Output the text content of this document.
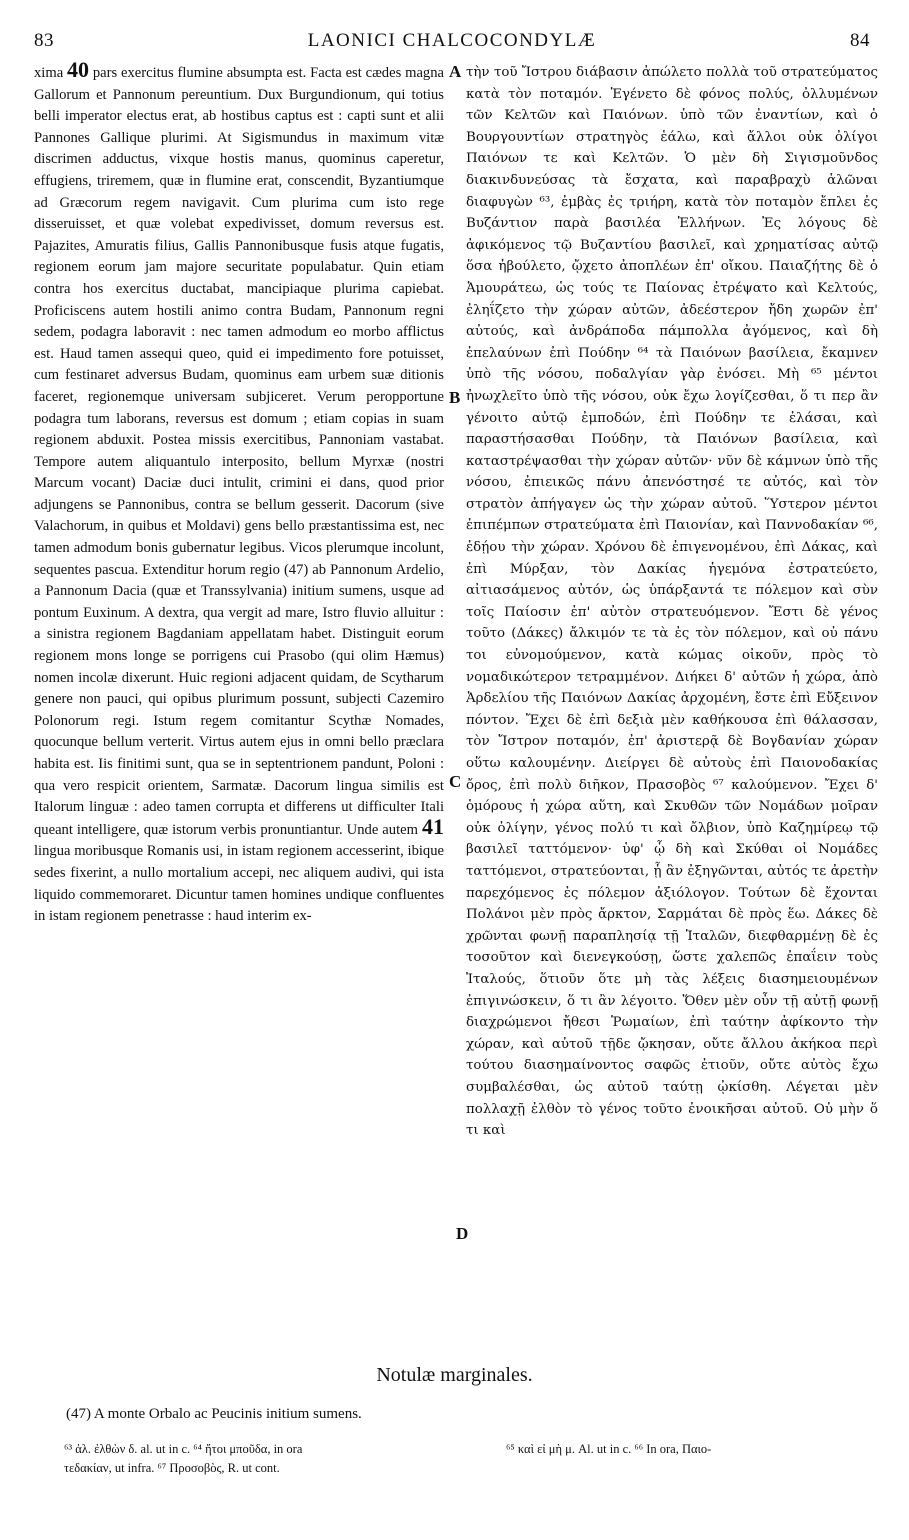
83	LAONICI CHALCOCONDYLÆ	84

xima 40 pars exercitus flumine absumpta est. Facta est cædes magna Gallorum et Pannonum pereuntium. Dux Burgundionum, qui totius belli imperator electus erat, ab hostibus captus est : capti sunt et alii Pannones Gallique plurimi. At Sigismundus in maximum vitæ discrimen adductus, vixque hostis manus, quominus caperetur, effugiens, triremem, quæ in flumine erat, conscendit, Byzantiumque ad Græcorum regem navigavit. Cum plurima cum isto rege disseruisset, et quæ volebat expedivisset, domum reversus est. Pajazites, Amuratis filius, Gallis Pannonibusque fusis atque fugatis, regionem eorum jam majore securitate populabatur. Quin etiam contra hos exercitus ductabat, mancipiaque plurima capiebat. Proficiscens autem hostili animo contra Budam, Pannonum regni sedem, podagra laboravit : nec tamen admodum eo morbo afflictus est. Haud tamen assequi queo, quid ei impedimento fore potuisset, cum festinaret adversus Budam, quominus eam urbem suæ ditionis faceret, regionemque universam subjiceret. Verum peropportune podagra tum laborans, reversus est domum ; etiam copias in suam regionem abduxit. Postea missis exercitibus, Pannoniam vastabat. Tempore autem aliquantulo interposito, bellum Myrxæ (nostri Marcum vocant) Daciæ duci intulit, crimini ei dans, quod prior adjungens se Pannonibus, contra se bellum gesserit. Dacorum (sive Valachorum, in quibus et Moldavi) gens bello præstantissima est, nec tamen admodum bonis gubernatur legibus. Vicos plerumque incolunt, sequentes pascua. Extenditur horum regio (47) ab Pannonum Ardelio, a Pannonum Dacia (quæ et Transsylvania) initium sumens, usque ad pontum Euxinum. A dextra, qua vergit ad mare, Istro fluvio alluitur : a sinistra regionem Bagdaniam appellatam habet. Distinguit eorum regionem mons longe se porrigens cui Prasobo (qui olim Hæmus) nomen incolæ dixerunt. Huic regioni adjacent quidam, de Scytharum genere non pauci, qui opibus plurimum possunt, subjecti Cazemiro Polonorum regi. Istum regem comitantur Scythæ Nomades, quocunque bellum verterit. Virtus autem ejus in omni bello præclara habita est. Iis finitimi sunt, qua se in septentrionem pandunt, Poloni : qua vero respicit orientem, Sarmatæ. Dacorum lingua similis est Italorum linguæ : adeo tamen corrupta et differens ut difficulter Itali queant intelligere, quæ istorum verbis pronuntiantur. Unde autem 41 lingua moribusque Romanis usi, in istam regionem accesserint, ibique sedes fixerint, a nullo mortalium accepi, nec aliquem audivi, qui ista liquido commemoraret. Dicuntur tamen homines undique confluentes in istam regionem penetrasse : haud interim ex-

A
B
C
D

τὴν τοῦ Ἴστρου διάβασιν ἀπώλετο πολλὰ τοῦ στρατεύματος κατὰ τὸν ποταμόν. Ἐγένετο δὲ φόνος πολύς, ὀλλυμένων τῶν Κελτῶν καὶ Παιόνων. ὑπὸ τῶν ἐναντίων, καὶ ὁ Βουργουντίων στρατηγὸς ἑάλω, καὶ ἄλλοι οὐκ ὀλίγοι Παιόνων τε καὶ Κελτῶν. Ὁ μὲν δὴ Σιγισμοῦνδος διακινδυνεύσας τὰ ἔσχατα, καὶ παραβραχὺ ἁλῶναι διαφυγὼν ⁶³, ἐμβὰς ἐς τριήρη, κατὰ τὸν ποταμὸν ἔπλει ἐς Βυζάντιον παρὰ βασιλέα Ἑλλήνων. Ἐς λόγους δὲ ἀφικόμενος τῷ Βυζαντίου βασιλεῖ, καὶ χρηματίσας αὐτῷ ὅσα ἠβούλετο, ᾤχετο ἀποπλέων ἐπ' οἴκου. Παιαζήτης δὲ ὁ Ἀμουράτεω, ὡς τούς τε Παίονας ἐτρέψατο καὶ Κελτούς, ἐληΐζετο τὴν χώραν αὐτῶν, ἀδεέστερον ἤδη χωρῶν ἐπ' αὐτούς, καὶ ἀνδράποδα πάμπολλα ἀγόμενος, καὶ δὴ ἐπελαύνων ἐπὶ Πούδην ⁶⁴ τὰ Παιόνων βασίλεια, ἔκαμνεν ὑπὸ τῆς νόσου, ποδαλγίαν γὰρ ἐνόσει. Μὴ ⁶⁵ μέντοι ἠνωχλεῖτο ὑπὸ τῆς νόσου, οὐκ ἔχω λογίζεσθαι, ὅ τι περ ἂν γένοιτο αὐτῷ ἐμποδών, ἐπὶ Πούδην τε ἐλάσαι, καὶ παραστήσασθαι Πούδην, τὰ Παιόνων βασίλεια, καὶ καταστρέψασθαι τὴν χώραν αὐτῶν· νῦν δὲ κάμνων ὑπὸ τῆς νόσου, ἐπιεικῶς πάνυ ἀπενόστησέ τε αὐτός, καὶ τὸν στρατὸν ἀπήγαγεν ὡς τὴν χώραν αὐτοῦ. Ὕστερον μέντοι ἐπιπέμπων στρατεύματα ἐπὶ Παιονίαν, καὶ Παννοδακίαν ⁶⁶, ἐδῄου τὴν χώραν. Χρόνου δὲ ἐπιγενομένου, ἐπὶ Δάκας, καὶ ἐπὶ Μύρξαν, τὸν Δακίας ἡγεμόνα ἐστρατεύετο, αἰτιασάμενος αὐτόν, ὡς ὑπάρξαντά τε πόλεμον καὶ σὺν τοῖς Παίοσιν ἐπ' αὐτὸν στρατευόμενον. Ἔστι δὲ γένος τοῦτο (Δάκες) ἄλκιμόν τε τὰ ἐς τὸν πόλεμον, καὶ οὐ πάνυ τοι εὐνομούμενον, κατὰ κώμας οἰκοῦν, πρὸς τὸ νομαδικώτερον τετραμμένον. Διήκει δ' αὐτῶν ἡ χώρα, ἀπὸ Ἀρδελίου τῆς Παιόνων Δακίας ἀρχομένη, ἔστε ἐπὶ Εὔξεινον πόντον. Ἔχει δὲ ἐπὶ δεξιὰ μὲν καθήκουσα ἐπὶ θάλασσαν, τὸν Ἴστρον ποταμόν, ἐπ' ἀριστερᾷ δὲ Βογδανίαν χώραν οὕτω καλουμένην. Διείργει δὲ αὐτοὺς ἐπὶ Παιονοδακίας ὄρος, ἐπὶ πολὺ διῆκον, Πρασοβὸς ⁶⁷ καλούμενον. Ἔχει δ' ὁμόρους ἡ χώρα αὕτη, καὶ Σκυθῶν τῶν Νομάδων μοῖραν οὐκ ὀλίγην, γένος πολύ τι καὶ ὄλβιον, ὑπὸ Καζημίρεῳ τῷ βασιλεῖ ταττόμενον· ὑφ' ᾧ δὴ καὶ Σκύθαι οἱ Νομάδες ταττόμενοι, στρατεύονται, ᾗ ἂν ἐξηγῶνται, αὐτός τε ἀρετὴν παρεχόμενος ἐς πόλεμον ἀξιόλογον. Τούτων δὲ ἔχονται Πολάνοι μὲν πρὸς ἄρκτον, Σαρμάται δὲ πρὸς ἕω. Δάκες δὲ χρῶνται φωνῇ παραπλησίᾳ τῇ Ἰταλῶν, διεφθαρμένῃ δὲ ἐς τοσοῦτον καὶ διενεγκούσῃ, ὥστε χαλεπῶς ἐπαΐειν τοὺς Ἰταλούς, ὅτιοῦν ὅτε μὴ τὰς λέξεις διασημειουμένων ἐπιγινώσκειν, ὅ τι ἂν λέγοιτο. Ὅθεν μὲν οὖν τῇ αὐτῇ φωνῇ διαχρώμενοι ἤθεσι Ῥωμαίων, ἐπὶ ταύτην ἀφίκοντο τὴν χώραν, καὶ αὐτοῦ τῇδε ᾤκησαν, οὔτε ἄλλου ἀκήκοα περὶ τούτου διασημαίνοντος σαφῶς ἐτιοῦν, οὔτε αὐτὸς ἔχω συμβαλέσθαι, ὡς αὐτοῦ ταύτῃ ᾠκίσθη. Λέγεται μὲν πολλαχῇ ἐλθὸν τὸ γένος τοῦτο ἐνοικῆσαι αὐτοῦ. Οὐ μὴν ὅ τι καὶ

Notulæ marginales.
(47) A monte Orbalo ac Peucinis initium sumens.
⁶³ ἀλ. ἐλθὼν δ. al. ut in c. ⁶⁴ ἤτοι μποῦδα, in ora
τεδακίαν, ut infra. ⁶⁷ Προσοβὸς, R. ut cont.
⁶⁵ καὶ εἰ μὴ μ. Al. ut in c. ⁶⁶ In ora, Παιο-
